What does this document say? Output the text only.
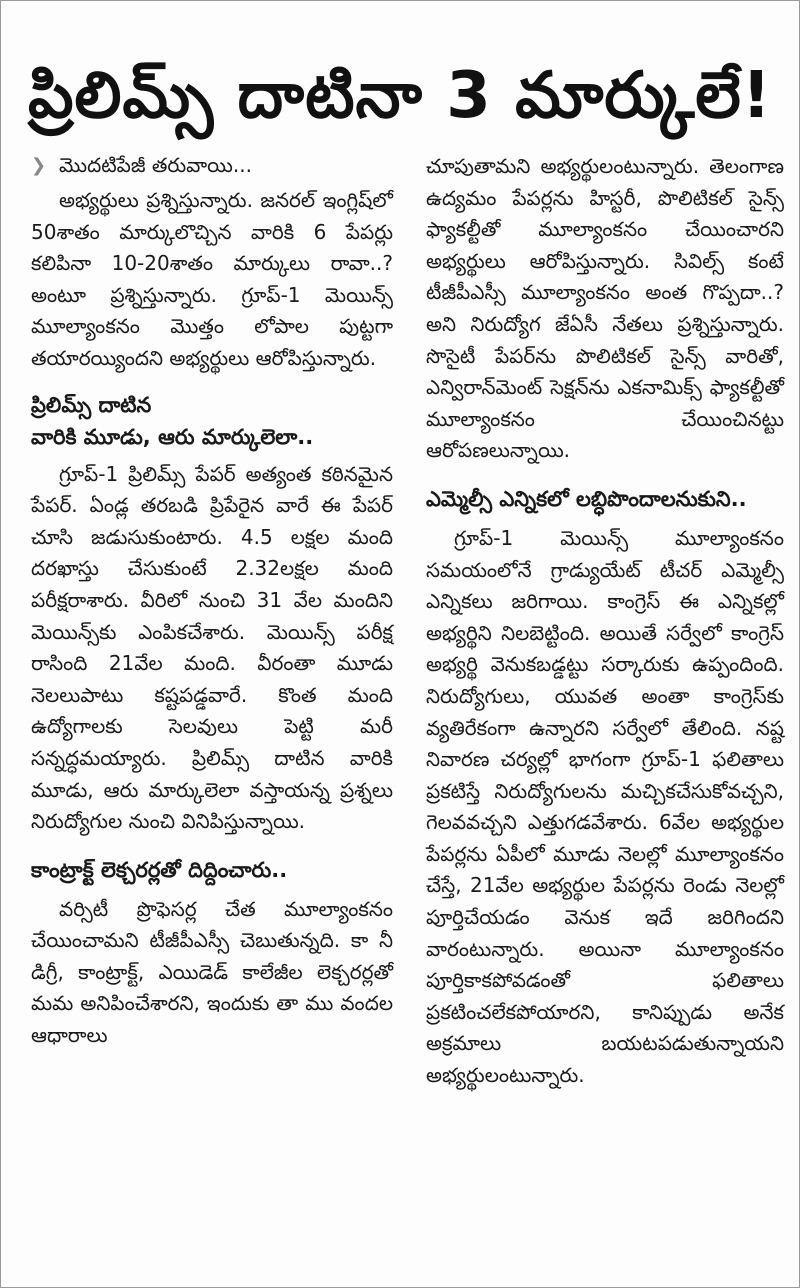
ప్రిలిమ్స్ దాటినా 3 మార్కులే!
❯ మొదటిపేజీ తరువాయి...

అభ్యర్థులు ప్రశ్నిస్తున్నారు. జనరల్ ఇంగ్లిష్‌లో 50శాతం మార్కులొచ్చిన వారికి 6 పేపర్లు కలిపినా 10-20శాతం మార్కులు రావా..? అంటూ ప్రశ్నిస్తున్నారు. గ్రూప్-1 మెయిన్స్ మూల్యాంకనం మొత్తం లోపాల పుట్టగా తయారయ్యిందని అభ్యర్థులు ఆరోపిస్తున్నారు.

ప్రిలిమ్స్ దాటిన
వారికి మూడు, ఆరు మార్కులెలా..

గ్రూప్-1 ప్రిలిమ్స్ పేపర్ అత్యంత కఠినమైన పేపర్. ఏండ్ల తరబడి ప్రిపేరైన వారే ఈ పేపర్ చూసి జడుసుకుంటారు. 4.5 లక్షల మంది దరఖాస్తు చేసుకుంటే 2.32లక్షల మంది పరీక్షరాశారు. వీరిలో నుంచి 31 వేల మందిని మెయిన్స్‌కు ఎంపికచేశారు. మెయిన్స్ పరీక్ష రాసింది 21వేల మంది. వీరంతా మూడు నెలలుపాటు కష్టపడ్డవారే. కొంత మంది ఉద్యోగాలకు సెలవులు పెట్టి మరీ సన్నద్ధమయ్యారు. ప్రిలిమ్స్ దాటిన వారికి మూడు, ఆరు మార్కులెలా వస్తాయన్న ప్రశ్నలు నిరుద్యోగుల నుంచి వినిపిస్తున్నాయి.

కాంట్రాక్ట్ లెక్చరర్లతో దిద్దించారు..

వర్సిటీ ప్రొఫెసర్ల చేత మూల్యాంకనం చేయించామని టీజీపీఎస్సీ చెబుతున్నది. కా నీ డిగ్రీ, కాంట్రాక్ట్, ఎయిడెడ్ కాలేజీల లెక్చరర్లతో మమ అనిపించేశారని, ఇందుకు తా ము వందల ఆధారాలు

చూపుతామని అభ్యర్థులంటున్నారు. తెలంగాణ ఉద్యమం పేపర్లను హిస్టరీ, పొలిటికల్ సైన్స్ ఫ్యాకల్టీతో మూల్యాంకనం చేయించారని అభ్యర్థులు ఆరోపిస్తున్నారు. సివిల్స్ కంటే టీజీపీఎస్సీ మూల్యాంకనం అంత గొప్పదా..? అని నిరుద్యోగ జేఏసీ నేతలు ప్రశ్నిస్తున్నారు. సొసైటీ పేపర్‌ను పొలిటికల్ సైన్స్ వారితో, ఎన్విరాన్‌మెంట్ సెక్షన్‌ను ఎకనామిక్స్ ఫ్యాకల్టీతో మూల్యాంకనం చేయించినట్టు ఆరోపణలున్నాయి.

ఎమ్మెల్సీ ఎన్నికలో లబ్ధిపొందాలనుకుని..

గ్రూప్-1 మెయిన్స్ మూల్యాంకనం సమయంలోనే గ్రాడ్యుయేట్ టీచర్ ఎమ్మెల్సీ ఎన్నికలు జరిగాయి. కాంగ్రెస్ ఈ ఎన్నికల్లో అభ్యర్థిని నిలబెట్టింది. అయితే సర్వేలో కాంగ్రెస్ అభ్యర్థి వెనుకబడ్డట్టు సర్కారుకు ఉప్పందింది. నిరుద్యోగులు, యువత అంతా కాంగ్రెస్‌కు వ్యతిరేకంగా ఉన్నారని సర్వేలో తేలింది. నష్ట నివారణ చర్యల్లో భాగంగా గ్రూప్-1 ఫలితాలు ప్రకటిస్తే నిరుద్యోగులను మచ్చికచేసుకోవచ్చని, గెలవవచ్చని ఎత్తుగడవేశారు. 6వేల అభ్యర్థుల పేపర్లను ఏపీలో మూడు నెలల్లో మూల్యాంకనం చేస్తే, 21వేల అభ్యర్థుల పేపర్లను రెండు నెలల్లో పూర్తిచేయడం వెనుక ఇదే జరిగిందని వారంటున్నారు. అయినా మూల్యాంకనం పూర్తికాకపోవడంతో ఫలితాలు ప్రకటించలేకపోయారని, కానిప్పుడు అనేక అక్రమాలు బయటపడుతున్నాయని అభ్యర్థులంటున్నారు.
